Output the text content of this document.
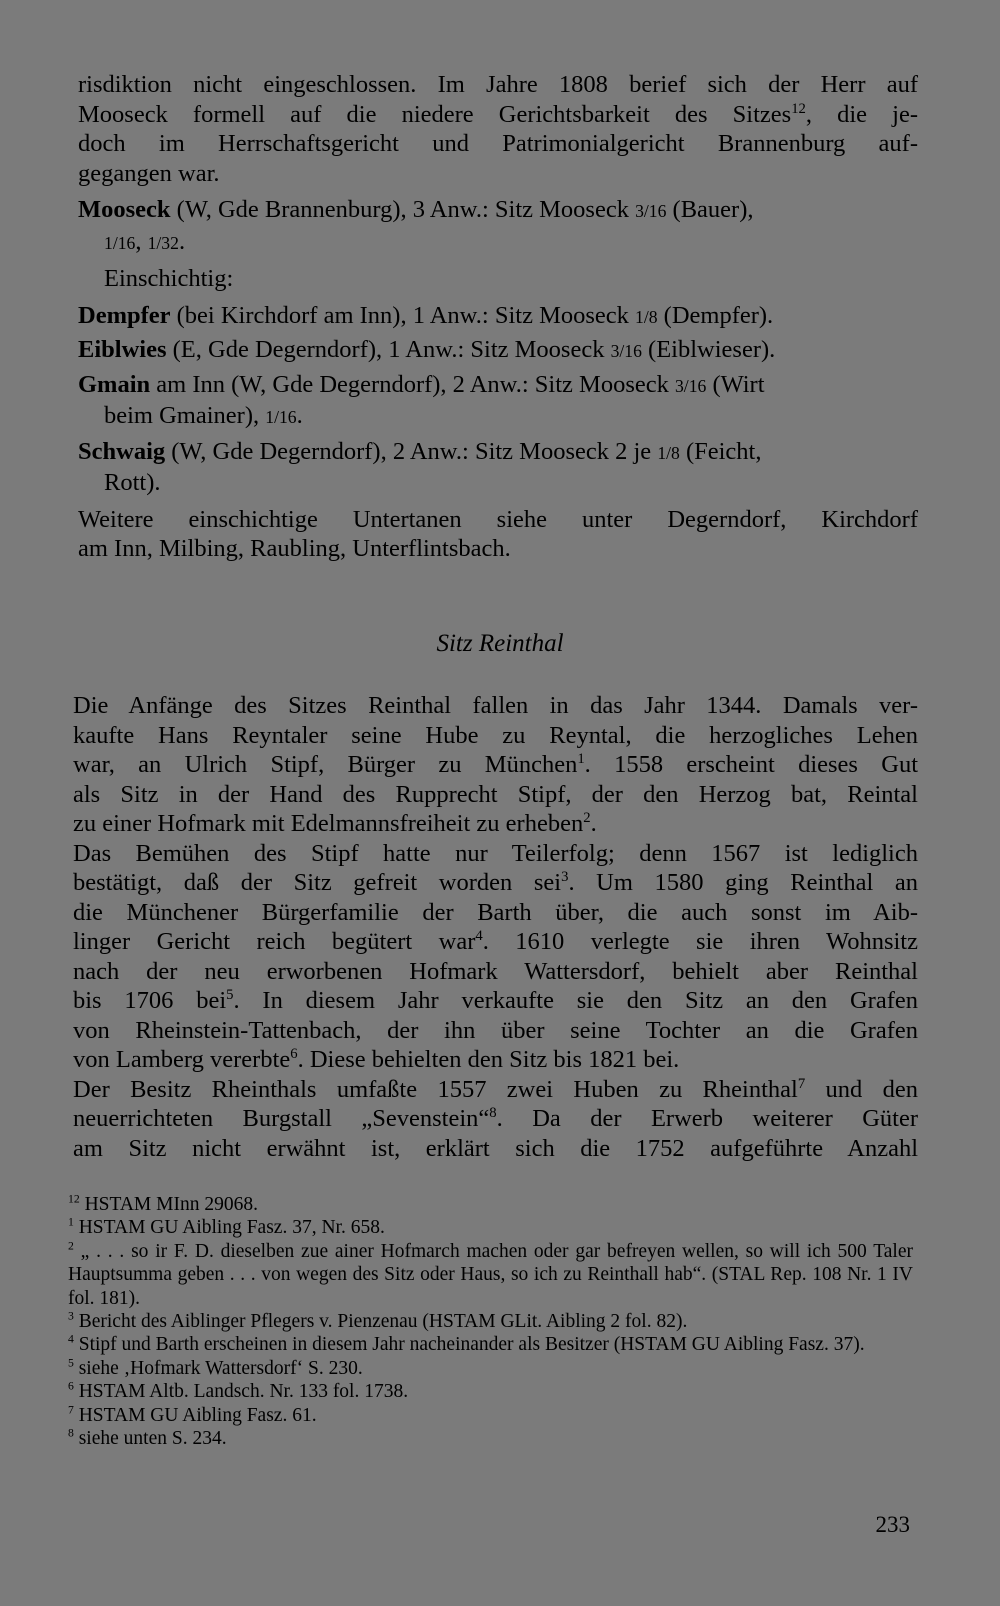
risdiktion nicht eingeschlossen. Im Jahre 1808 berief sich der Herr auf

Mooseck formell auf die niedere Gerichtsbarkeit des Sitzes$^{12}$, die je-

doch im Herrschaftsgericht und Patrimonialgericht Brannenburg auf-

gegangen war.

Mooseck (W, Gde Brannenburg), 3 Anw.: Sitz Mooseck 3/16 (Bauer),
1/16, 1/32.

Einschichtig:

Dempfer (bei Kirchdorf am Inn), 1 Anw.: Sitz Mooseck 1/8 (Dempfer).

Eiblwies (E, Gde Degerndorf), 1 Anw.: Sitz Mooseck 3/16 (Eiblwieser).

Gmain am Inn (W, Gde Degerndorf), 2 Anw.: Sitz Mooseck 3/16 (Wirt
beim Gmainer), 1/16.

Schwaig (W, Gde Degerndorf), 2 Anw.: Sitz Mooseck 2 je 1/8 (Feicht,
Rott).

Weitere einschichtige Untertanen siehe unter Degerndorf, Kirchdorf

am Inn, Milbing, Raubling, Unterflintsbach.

Sitz Reinthal

Die Anfänge des Sitzes Reinthal fallen in das Jahr 1344. Damals ver-

kaufte Hans Reyntaler seine Hube zu Reyntal, die herzogliches Lehen

war, an Ulrich Stipf, Bürger zu München$^1$. 1558 erscheint dieses Gut

als Sitz in der Hand des Rupprecht Stipf, der den Herzog bat, Reintal

zu einer Hofmark mit Edelmannsfreiheit zu erheben$^2$.

Das Bemühen des Stipf hatte nur Teilerfolg; denn 1567 ist lediglich

bestätigt, daß der Sitz gefreit worden sei$^3$. Um 1580 ging Reinthal an

die Münchener Bürgerfamilie der Barth über, die auch sonst im Aib-

linger Gericht reich begütert war$^4$. 1610 verlegte sie ihren Wohnsitz

nach der neu erworbenen Hofmark Wattersdorf, behielt aber Reinthal

bis 1706 bei$^5$. In diesem Jahr verkaufte sie den Sitz an den Grafen

von Rheinstein-Tattenbach, der ihn über seine Tochter an die Grafen

von Lamberg vererbte$^6$. Diese behielten den Sitz bis 1821 bei.

Der Besitz Rheinthals umfaßte 1557 zwei Huben zu Rheinthal$^7$ und den

neuerrichteten Burgstall „Sevenstein“$^8$. Da der Erwerb weiterer Güter

am Sitz nicht erwähnt ist, erklärt sich die 1752 aufgeführte Anzahl

$^{12}$ HSTAM MInn 29068.

$^1$ HSTAM GU Aibling Fasz. 37, Nr. 658.

$^2$ „ . . . so ir F. D. dieselben zue ainer Hofmarch machen oder gar befreyen wellen, so will ich 500 Taler Hauptsumma geben . . . von wegen des Sitz oder Haus, so ich zu Reinthall hab“. (STAL Rep. 108 Nr. 1 IV fol. 181).

$^3$ Bericht des Aiblinger Pflegers v. Pienzenau (HSTAM GLit. Aibling 2 fol. 82).

$^4$ Stipf und Barth erscheinen in diesem Jahr nacheinander als Besitzer (HSTAM GU Aibling Fasz. 37).

$^5$ siehe ‚Hofmark Wattersdorf‘ S. 230.

$^6$ HSTAM Altb. Landsch. Nr. 133 fol. 1738.

$^7$ HSTAM GU Aibling Fasz. 61.

$^8$ siehe unten S. 234.

233
